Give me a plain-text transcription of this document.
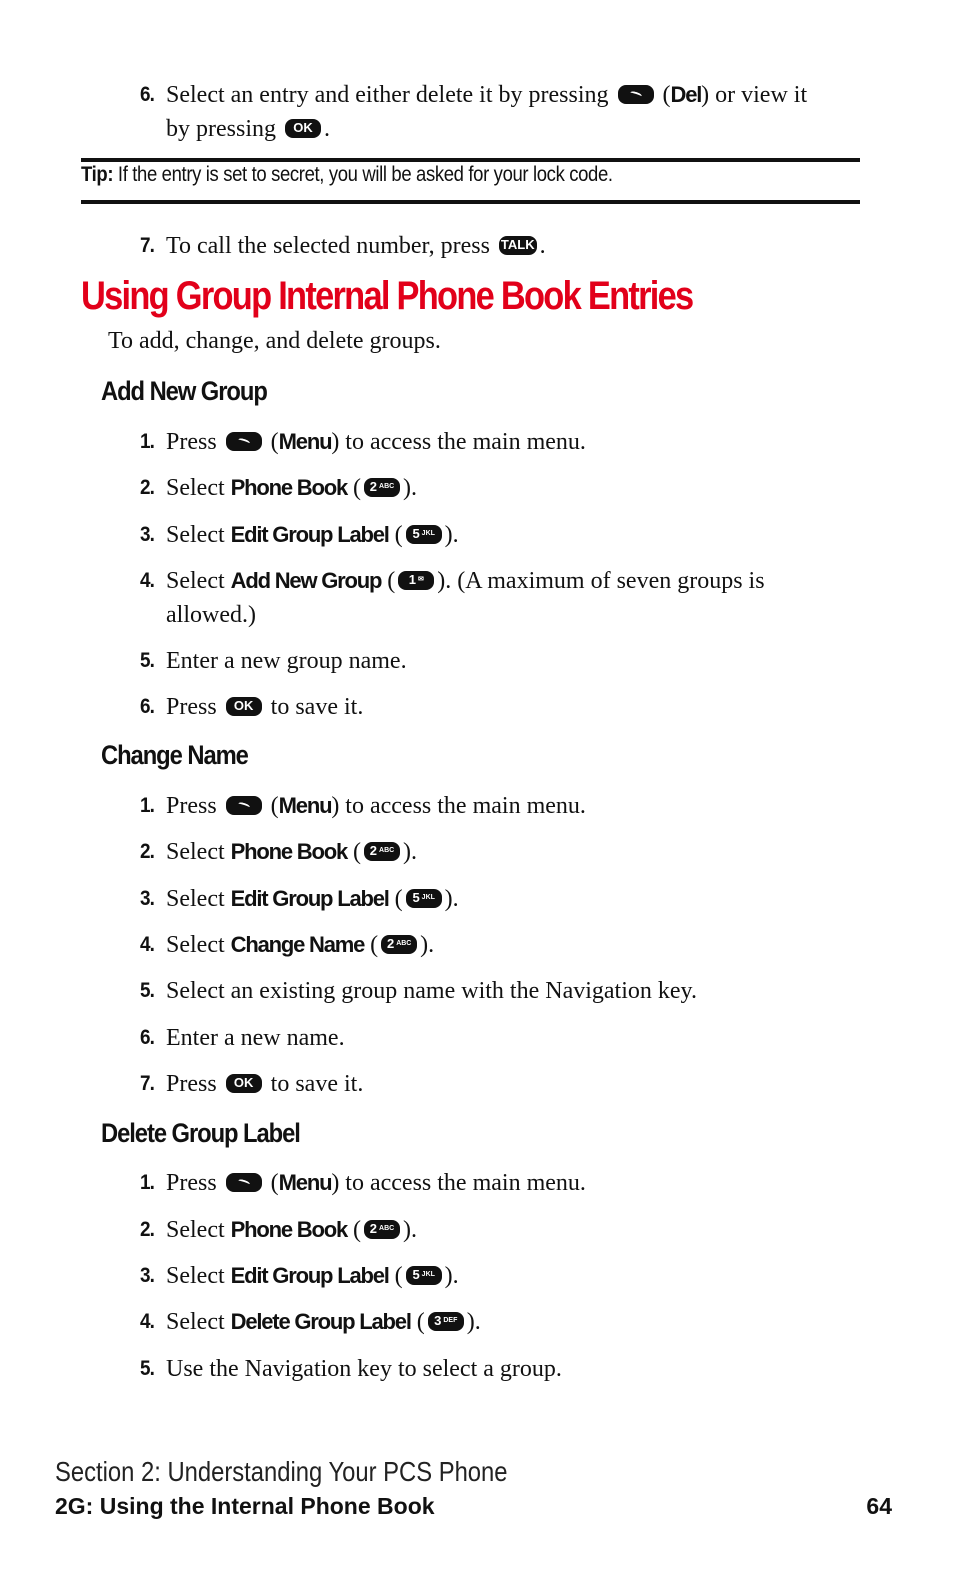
6. Select an entry and either delete it by pressing  (Del) or view it by pressing OK .
7. To call the selected number, press TALK .
Add New Group
1. Press  (Menu) to access the main menu.
2. Select Phone Book ( 2 ABC ).
3. Select Edit Group Label ( 5 JKL ).
4. Select Add New Group ( 1 ✉ ). (A maximum of seven groups is allowed.)
5. Enter a new group name.
6. Press OK to save it.
Change Name
1. Press  (Menu) to access the main menu.
2. Select Phone Book ( 2 ABC ).
3. Select Edit Group Label ( 5 JKL ).
4. Select Change Name ( 2 ABC ).
5. Select an existing group name with the Navigation key.
6. Enter a new name.
7. Press OK to save it.
Delete Group Label
1. Press  (Menu) to access the main menu.
2. Select Phone Book ( 2 ABC ).
3. Select Edit Group Label ( 5 JKL ).
4. Select Delete Group Label ( 3 DEF ).
5. Use the Navigation key to select a group.
Tip: If the entry is set to secret, you will be asked for your lock code.
Using Group Internal Phone Book Entries
To add, change, and delete groups.
Section 2: Understanding Your PCS Phone
2G: Using the Internal Phone Book	64
